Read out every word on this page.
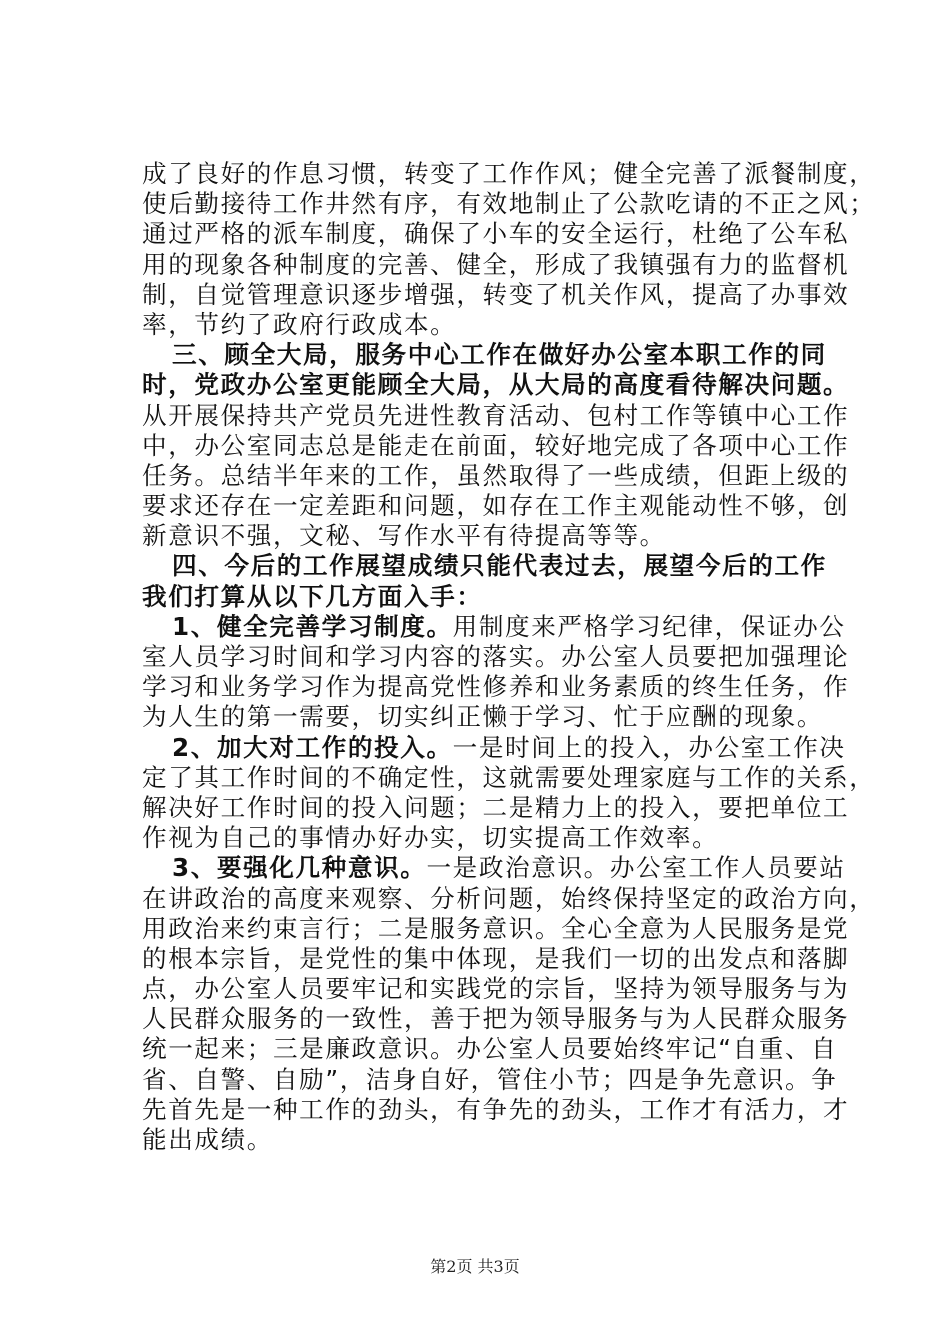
成了良好的作息习惯，转变了工作作风；健全完善了派餐制度，
使后勤接待工作井然有序，有效地制止了公款吃请的不正之风；
通过严格的派车制度，确保了小车的安全运行，杜绝了公车私
用的现象各种制度的完善、健全，形成了我镇强有力的监督机
制，自觉管理意识逐步增强，转变了机关作风，提高了办事效
率，节约了政府行政成本。
三、顾全大局，服务中心工作在做好办公室本职工作的同
时，党政办公室更能顾全大局，从大局的高度看待解决问题。
从开展保持共产党员先进性教育活动、包村工作等镇中心工作
中，办公室同志总是能走在前面，较好地完成了各项中心工作
任务。总结半年来的工作，虽然取得了一些成绩，但距上级的
要求还存在一定差距和问题，如存在工作主观能动性不够，创
新意识不强，文秘、写作水平有待提高等等。
四、今后的工作展望成绩只能代表过去，展望今后的工作
我们打算从以下几方面入手：
1、健全完善学习制度。用制度来严格学习纪律，保证办公
室人员学习时间和学习内容的落实。办公室人员要把加强理论
学习和业务学习作为提高党性修养和业务素质的终生任务，作
为人生的第一需要，切实纠正懒于学习、忙于应酬的现象。
2、加大对工作的投入。一是时间上的投入，办公室工作决
定了其工作时间的不确定性，这就需要处理家庭与工作的关系，
解决好工作时间的投入问题；二是精力上的投入，要把单位工
作视为自己的事情办好办实，切实提高工作效率。
3、要强化几种意识。一是政治意识。办公室工作人员要站
在讲政治的高度来观察、分析问题，始终保持坚定的政治方向，
用政治来约束言行；二是服务意识。全心全意为人民服务是党
的根本宗旨，是党性的集中体现，是我们一切的出发点和落脚
点，办公室人员要牢记和实践党的宗旨，坚持为领导服务与为
人民群众服务的一致性，善于把为领导服务与为人民群众服务
统一起来；三是廉政意识。办公室人员要始终牢记“自重、自
省、自警、自励”，洁身自好，管住小节；四是争先意识。争
先首先是一种工作的劲头，有争先的劲头，工作才有活力，才
能出成绩。
第2页 共3页
